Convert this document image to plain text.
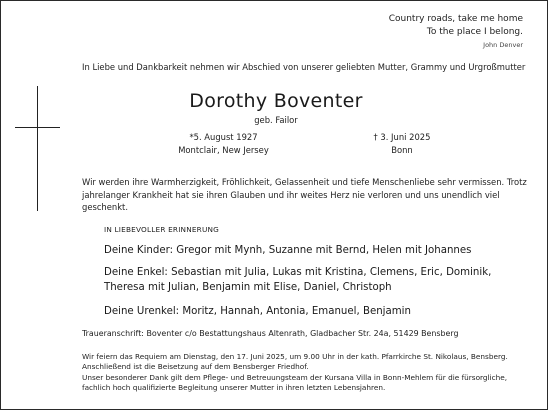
Country roads, take me home
To the place I belong.
John Denver
In Liebe und Dankbarkeit nehmen wir Abschied von unserer geliebten Mutter, Grammy und Urgroßmutter
Dorothy Boventer
geb. Failor
*5. August 1927
Montclair, New Jersey
† 3. Juni 2025
Bonn
Wir werden ihre Warmherzigkeit, Fröhlichkeit, Gelassenheit und tiefe Menschenliebe sehr vermissen. Trotz jahrelanger Krankheit hat sie ihren Glauben und ihr weites Herz nie verloren und uns unendlich viel geschenkt.
IN LIEBEVOLLER ERINNERUNG
Deine Kinder: Gregor mit Mynh, Suzanne mit Bernd, Helen mit Johannes
Deine Enkel: Sebastian mit Julia, Lukas mit Kristina, Clemens, Eric, Dominik, Theresa mit Julian, Benjamin mit Elise, Daniel, Christoph
Deine Urenkel: Moritz, Hannah, Antonia, Emanuel, Benjamin
Traueranschrift: Boventer c/o Bestattungshaus Altenrath, Gladbacher Str. 24a, 51429 Bensberg
Wir feiern das Requiem am Dienstag, den 17. Juni 2025, um 9.00 Uhr in der kath. Pfarrkirche St. Nikolaus, Bensberg. Anschließend ist die Beisetzung auf dem Bensberger Friedhof.
Unser besonderer Dank gilt dem Pflege- und Betreuungsteam der Kursana Villa in Bonn-Mehlem für die fürsorgliche, fachlich hoch qualifizierte Begleitung unserer Mutter in ihren letzten Lebensjahren.
